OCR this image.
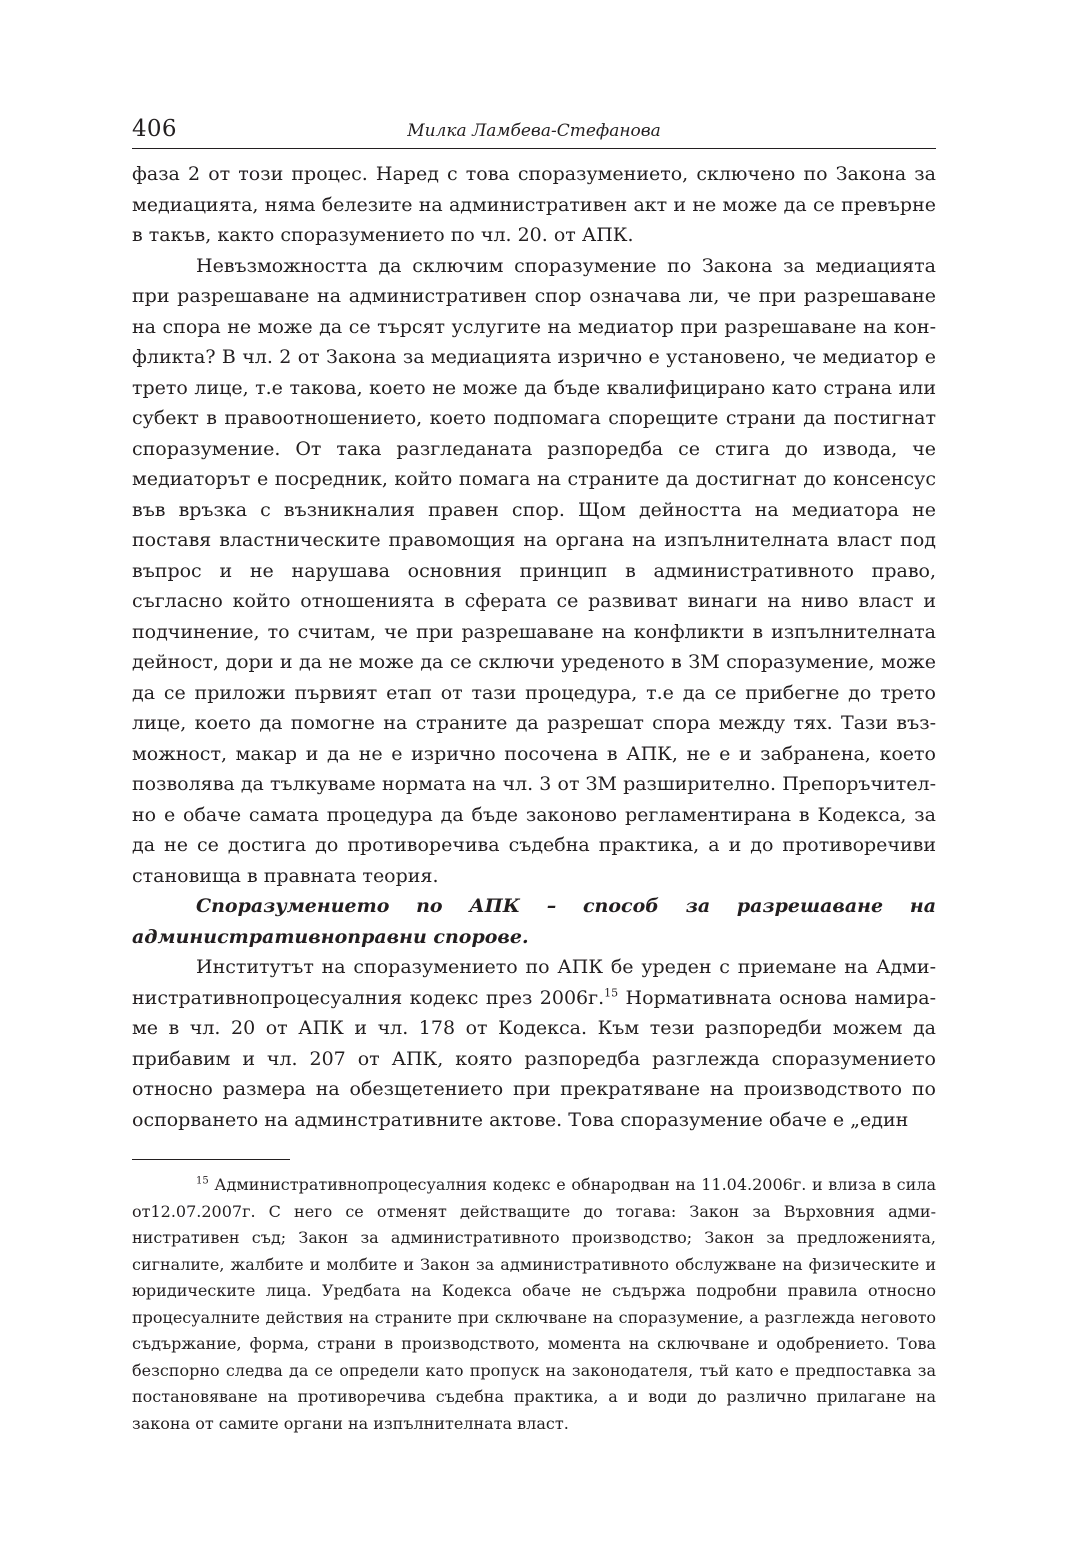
406	Милка Ламбева-Стефанова

фаза 2 от този процес. Наред с това споразумението, сключено по Закона за медиацията, няма белезите на административен акт и не може да се превърне в такъв, както споразумението по чл. 20. от АПК.

Невъзможността да сключим споразумение по Закона за медиацията при разрешаване на административен спор означава ли, че при разрешаване на спора не може да се търсят услугите на медиатор при разрешаване на конфликта? В чл. 2 от Закона за медиацията изрично е установено, че медиатор е трето лице, т.е такова, което не може да бъде квалифицирано като страна или субект в правоотношението, което подпомага спорещите страни да постигнат споразумение. От така разгледаната разпоредба се стига до извода, че медиаторът е посредник, който помага на страните да достигнат до консенсус във връзка с възникналия правен спор. Щом дейността на медиатора не поставя властническите правомощия на органа на изпълнителната власт под въпрос и не нарушава основния принцип в административното право, съгласно който отношенията в сферата се развиват винаги на ниво власт и подчинение, то считам, че при разрешаване на конфликти в изпълнителната дейност, дори и да не може да се сключи уреденото в ЗМ споразумение, може да се приложи първият етап от тази процедура, т.е да се прибегне до трето лице, което да помогне на страните да разрешат спора между тях. Тази възможност, макар и да не е изрично посочена в АПК, не е и забранена, което позволява да тълкуваме нормата на чл. 3 от ЗМ разширително. Препоръчително е обаче самата процедура да бъде законово регламентирана в Кодекса, за да не се достига до противоречива съдебна практика, а и до противоречиви становища в правната теория.

Споразумението по АПК – способ за разрешаване на административноправни спорове.

Институтът на споразумението по АПК бе уреден с приемане на Административнопроцесуалния кодекс през 2006г.$^{15}$ Нормативната основа намираме в чл. 20 от АПК и чл. 178 от Кодекса. Към тези разпоредби можем да прибавим и чл. 207 от АПК, която разпоредба разглежда споразумението относно размера на обезщетението при прекратяване на производството по оспорването на админстративните актове. Това споразумение обаче е „един

$^{15}$ Административнопроцесуалния кодекс е обнародван на 11.04.2006г. и влиза в сила от12.07.2007г. С него се отменят действащите до тогава: Закон за Върховния административен съд; Закон за административното производство; Закон за предложенията, сигналите, жалбите и молбите и Закон за административното обслужване на физическите и юридическите лица. Уредбата на Кодекса обаче не съдържа подробни правила относно процесуалните действия на страните при сключване на споразумение, а разглежда неговото съдържание, форма, страни в производството, момента на сключване и одобрението. Това безспорно следва да се определи като пропуск на законодателя, тъй като е предпоставка за постановяване на противоречива съдебна практика, а и води до различно прилагане на закона от самите органи на изпълнителната власт.
